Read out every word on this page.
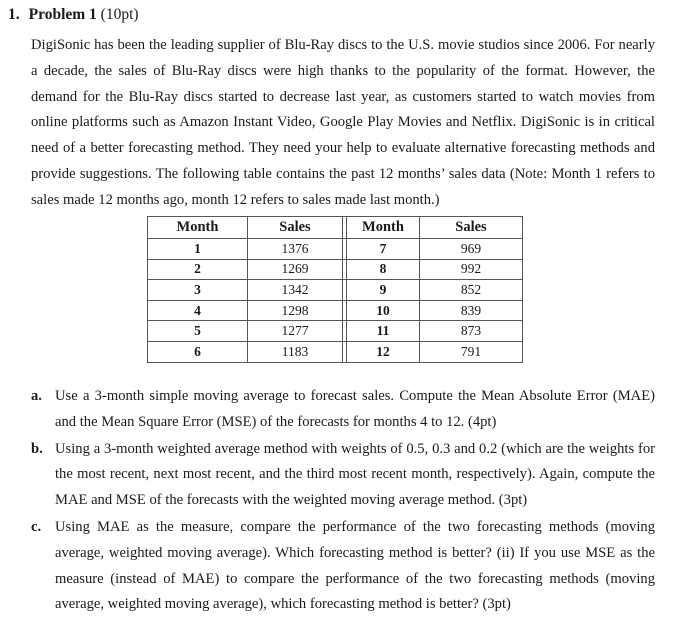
1. Problem 1 (10pt)
DigiSonic has been the leading supplier of Blu-Ray discs to the U.S. movie studios since 2006. For nearly a decade, the sales of Blu-Ray discs were high thanks to the popularity of the format. However, the demand for the Blu-Ray discs started to decrease last year, as customers started to watch movies from online platforms such as Amazon Instant Video, Google Play Movies and Netflix. DigiSonic is in critical need of a better forecasting method. They need your help to evaluate alternative forecasting methods and provide suggestions. The following table contains the past 12 months’ sales data (Note: Month 1 refers to sales made 12 months ago, month 12 refers to sales made last month.)
Month	Sales		Month	Sales
1	1376		7	969
2	1269		8	992
3	1342		9	852
4	1298		10	839
5	1277		11	873
6	1183		12	791
a. Use a 3-month simple moving average to forecast sales. Compute the Mean Absolute Error (MAE) and the Mean Square Error (MSE) of the forecasts for months 4 to 12. (4pt)
b. Using a 3-month weighted average method with weights of 0.5, 0.3 and 0.2 (which are the weights for the most recent, next most recent, and the third most recent month, respectively). Again, compute the MAE and MSE of the forecasts with the weighted moving average method. (3pt)
c. Using MAE as the measure, compare the performance of the two forecasting methods (moving average, weighted moving average). Which forecasting method is better? (ii) If you use MSE as the measure (instead of MAE) to compare the performance of the two forecasting methods (moving average, weighted moving average), which forecasting method is better? (3pt)
